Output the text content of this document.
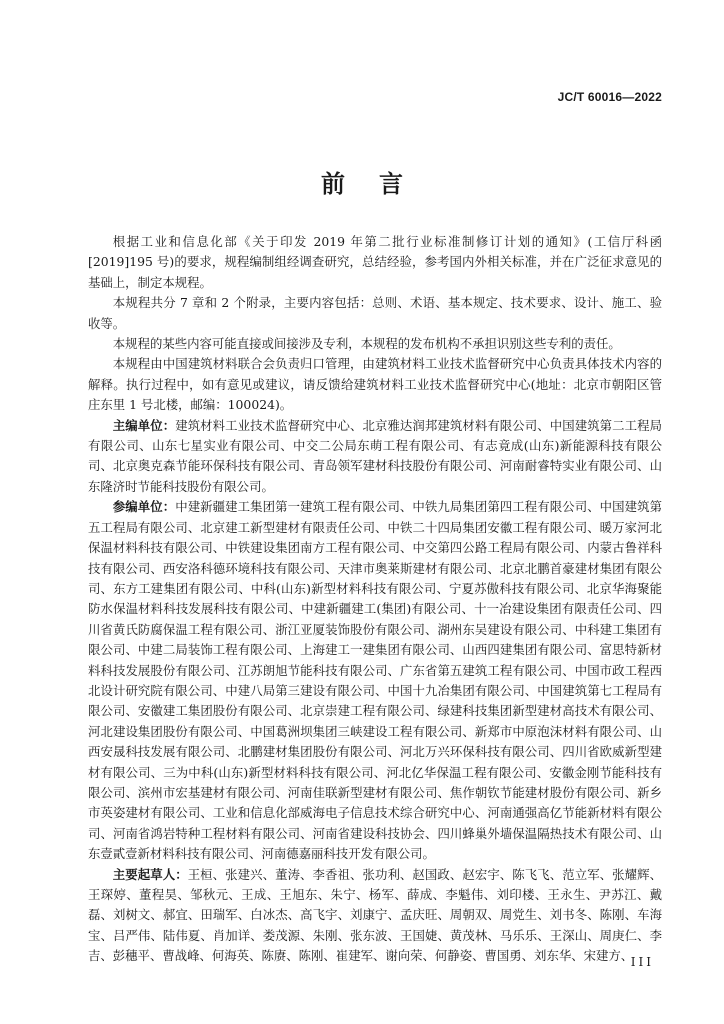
JC/T 60016—2022
前言

根据工业和信息化部《关于印发 2019 年第二批行业标准制修订计划的通知》(工信厅科函[2019]195 号)的要求，规程编制组经调查研究，总结经验，参考国内外相关标准，并在广泛征求意见的基础上，制定本规程。

本规程共分 7 章和 2 个附录，主要内容包括：总则、术语、基本规定、技术要求、设计、施工、验收等。

本规程的某些内容可能直接或间接涉及专利，本规程的发布机构不承担识别这些专利的责任。

本规程由中国建筑材料联合会负责归口管理，由建筑材料工业技术监督研究中心负责具体技术内容的解释。执行过程中，如有意见或建议，请反馈给建筑材料工业技术监督研究中心(地址：北京市朝阳区管庄东里 1 号北楼，邮编：100024)。

主编单位：建筑材料工业技术监督研究中心、北京雅达润邦建筑材料有限公司、中国建筑第二工程局有限公司、山东七星实业有限公司、中交二公局东萌工程有限公司、有志竟成(山东)新能源科技有限公司、北京奥克森节能环保科技有限公司、青岛领军建材科技股份有限公司、河南耐睿特实业有限公司、山东隆济时节能科技股份有限公司。

参编单位：中建新疆建工集团第一建筑工程有限公司、中铁九局集团第四工程有限公司、中国建筑第五工程局有限公司、北京建工新型建材有限责任公司、中铁二十四局集团安徽工程有限公司、暖万家河北保温材料科技有限公司、中铁建设集团南方工程有限公司、中交第四公路工程局有限公司、内蒙古鲁祥科技有限公司、西安洛科德环境科技有限公司、天津市奥莱斯建材有限公司、北京北鹏首豪建材集团有限公司、东方工建集团有限公司、中科(山东)新型材料科技有限公司、宁夏苏傲科技有限公司、北京华海聚能防水保温材料科技发展科技有限公司、中建新疆建工(集团)有限公司、十一冶建设集团有限责任公司、四川省黄氏防腐保温工程有限公司、浙江亚厦装饰股份有限公司、湖州东吴建设有限公司、中科建工集团有限公司、中建二局装饰工程有限公司、上海建工一建集团有限公司、山西四建集团有限公司、富思特新材料科技发展股份有限公司、江苏朗旭节能科技有限公司、广东省第五建筑工程有限公司、中国市政工程西北设计研究院有限公司、中建八局第三建设有限公司、中国十九冶集团有限公司、中国建筑第七工程局有限公司、安徽建工集团股份有限公司、北京崇建工程有限公司、绿建科技集团新型建材高技术有限公司、河北建设集团股份有限公司、中国葛洲坝集团三峡建设工程有限公司、新郑市中原泡沫材料有限公司、山西安晟科技发展有限公司、北鹏建材集团股份有限公司、河北万兴环保科技有限公司、四川省欧威新型建材有限公司、三为中科(山东)新型材料科技有限公司、河北亿华保温工程有限公司、安徽金刚节能科技有限公司、滨州市宏基建材有限公司、河南佳联新型建材有限公司、焦作朝钦节能建材股份有限公司、新乡市英姿建材有限公司、工业和信息化部威海电子信息技术综合研究中心、河南通强高亿节能新材料有限公司、河南省鸿岩特种工程材料有限公司、河南省建设科技协会、四川蜂巢外墙保温隔热技术有限公司、山东壹貳壹新材料科技有限公司、河南德嘉丽科技开发有限公司。

主要起草人：王桓、张建兴、董涛、李香祖、张功利、赵国政、赵宏宇、陈飞飞、范立军、张耀辉、王琛婷、董程昊、邹秋元、王成、王旭东、朱宁、杨军、薛成、李魁伟、刘印楼、王永生、尹苏江、戴磊、刘树文、郝宜、田瑞军、白冰杰、高飞宇、刘康宁、孟庆旺、周朝双、周党生、刘书冬、陈刚、车海宝、吕严伟、陆伟夏、肖加详、娄茂源、朱刚、张东波、王国婕、黄茂林、马乐乐、王深山、周庚仁、李吉、彭穗平、曹战峰、何海英、陈赓、陈刚、崔建军、谢向荣、何静姿、曹国勇、刘东华、宋建方、

III
